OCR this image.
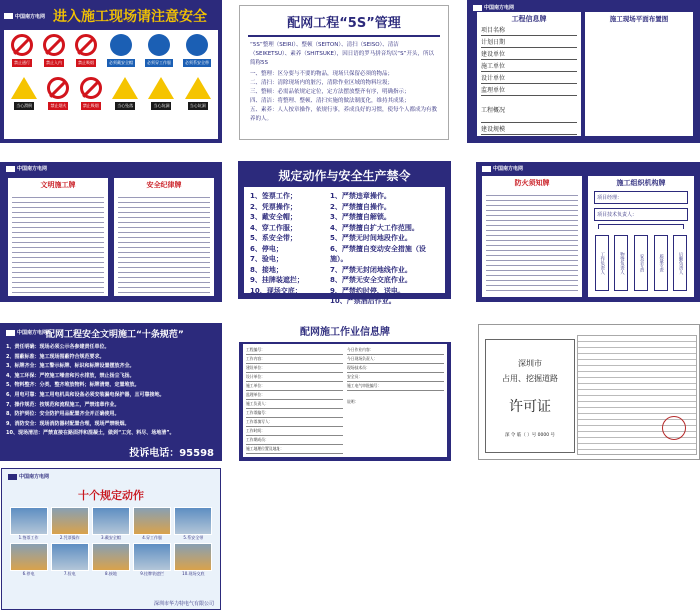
中国南方电网 进入施工现场请注意安全
禁止通行	禁止入内	禁止吸烟	必须戴安全帽	必须穿工作服	必须系安全带
当心滑倒	禁止烟火	禁止吸烟	当心坠落	当心坑洞	当心坑洞
配网工程“5S”管理
“5S”整理（SEIRI）、整顿（SEITON）、清扫（SEISO）、清洁（SEIKETSU）、素养（SHITSUKE），因日语的罗马拼音均以“S”开头，所以简称5S
一、整理：区分要与不要的物品，现场只保留必须的物品；
二、清扫：清除现场内的脏污，清除作业区域的物料垃圾；
三、整顿：必需品依规定定位，定方法摆放整齐有序，明确指示；
四、清洁：将整理、整顿、清扫实施的做法制度化，维持其成果；
五、素养：人人按章操作，依规行事，养成良好的习惯，使每个人都成为有教养的人。
中国南方电网
工程信息牌
项目名称
计划日期
建设单位
施工单位
设计单位
监理单位
工程概况
建设规模
施工现场平面布置图
中国南方电网
文明施工牌	安全纪律牌
规定动作与安全生产禁令
1、签票工作；
2、凭票操作；
3、戴安全帽；
4、穿工作服；
5、系安全带；
6、停电；
7、验电；
8、接地；
9、挂牌装遮拦；
10、现场交底；
1、严禁违章操作。
2、严禁擅自操作。
3、严禁擅自解锁。
4、严禁擅自扩大工作范围。
5、严禁无时间地段作业。
6、严禁擅自变动安全措施（设施）。
7、严禁无封闭地线作业。
8、严禁无安全交底作业。
9、严禁约时停、送电。
10、严禁酒后作业。
中国南方电网
防火须知牌	施工组织机构牌
项目经理：
项目技术负责人：
工作负责人	物资负责人	安全专责	质量专责	后勤负责人
中国南方电网
配网工程安全文明施工“十条规范”
1、责任明确：现场必须公示各参建责任单位。
2、围蔽标准：施工现场围蔽符合规范要求。
3、标牌齐全：施工警示标牌、标识和标牌设置摆放齐全。
4、施工环保：严控施工噪音和污水排放，禁止扬尘飞扬。
5、物料整齐：分类、整齐堆放物料；标牌清楚、定置堆放。
6、用电可靠：施工用电机具和设备必须安装漏电保护器，且可靠接地。
7、操作规范：按规范和流程施工，严禁违章作业。
8、防护到位：安全防护用品配置齐全并正确使用。
9、消防安全：现场消防器材配置合理，现场严禁吸烟。
10、现场清洁：严禁直接在路面拌和混凝土，做到“工完、料尽、场地清”。
投诉电话：95598
配网施工作业信息牌
工程编号：
工作内容：
建设单位：
设计单位：
施工单位：
监理单位：
施工负责人：
工作票编号：
工作票填写人：
工作时间：
工作期成员：
施工地理位置及地址：
今日作业内容：
今日现场负责人：
现场技术员：
安全员：
施工电气审批编号：
说明：
深圳市
占用、挖掘道路
许可证
深 令 临（ ）号 0000 号
中国南方电网
十个规定动作
1.签票工作	2.凭票操作	3.戴安全帽	4.穿工作服	5.系安全带
6.停电	7.验电	8.接地	9.挂牌装遮拦	10.现场交底
深圳市华力特电气有限公司
